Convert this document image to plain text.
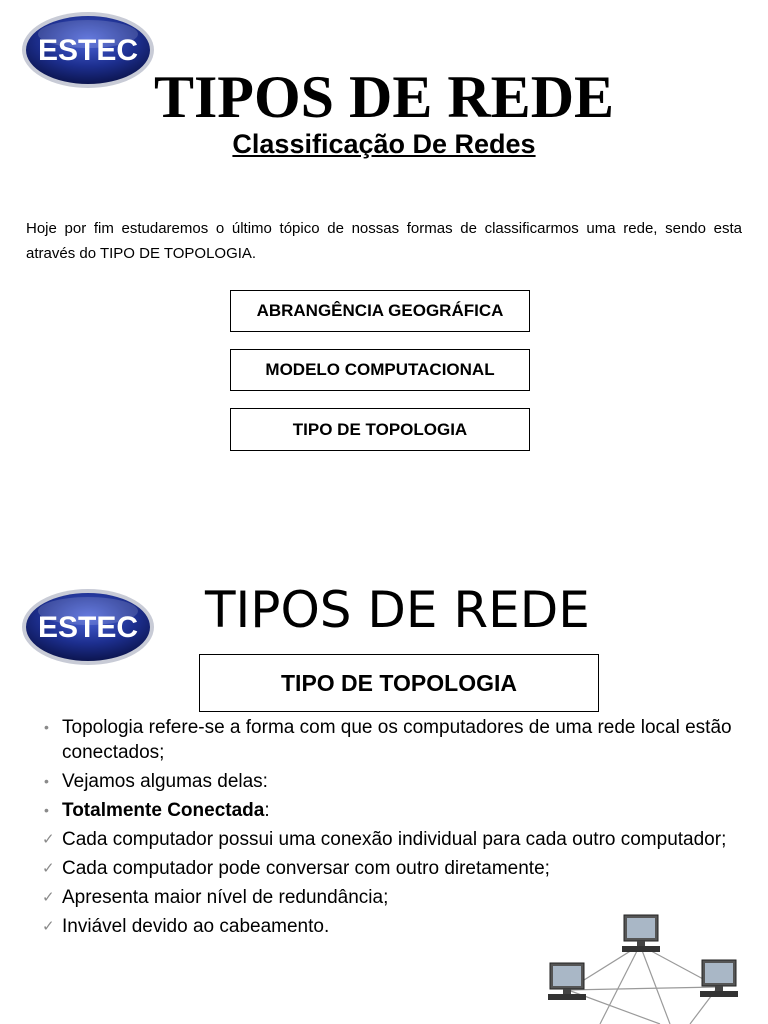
ESTEC
TIPOS DE REDE
Classificação De Redes
Hoje por fim estudaremos o último tópico de nossas formas de classificarmos uma rede, sendo esta através do TIPO DE TOPOLOGIA.
ABRANGÊNCIA GEOGRÁFICA
MODELO COMPUTACIONAL
TIPO DE TOPOLOGIA
ESTEC TIPOS DE REDE
TIPO DE TOPOLOGIA
• Topologia refere-se a forma com que os computadores de uma rede local estão conectados;
• Vejamos algumas delas:
• Totalmente Conectada:
✓ Cada computador possui uma conexão individual para cada outro computador;
✓ Cada computador pode conversar com outro diretamente;
✓ Apresenta maior nível de redundância;
✓ Inviável devido ao cabeamento.
